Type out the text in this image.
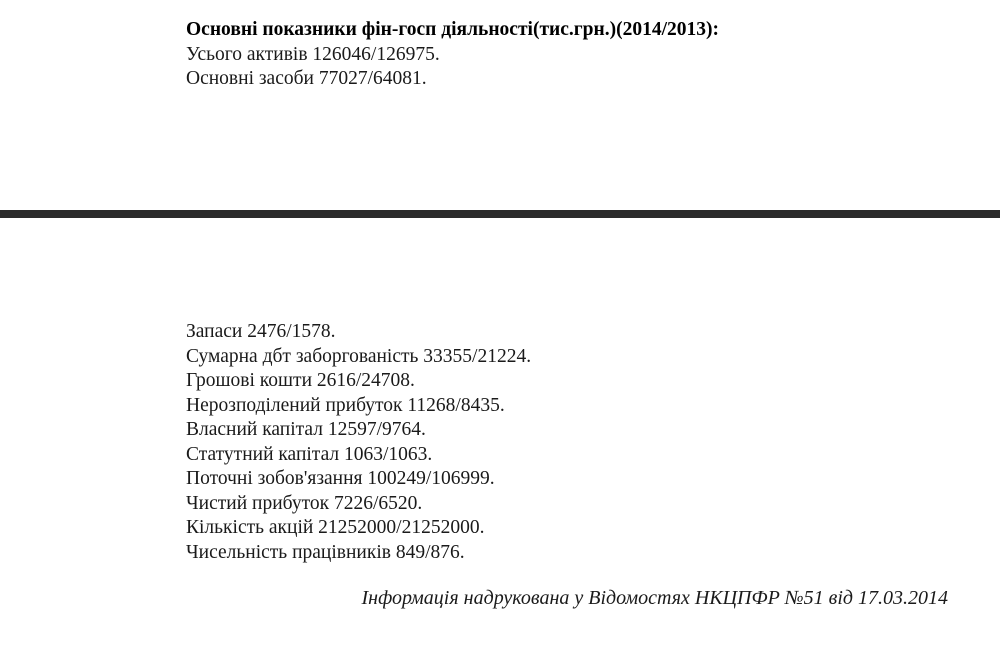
Основні показники фін-госп діяльності(тис.грн.)(2014/2013):
Усього активів 126046/126975.
Основні засоби 77027/64081.
Запаси 2476/1578.
Сумарна дбт заборгованість 33355/21224.
Грошові кошти 2616/24708.
Нерозподілений прибуток 11268/8435.
Власний капітал 12597/9764.
Статутний капітал 1063/1063.
Поточні зобов'язання 100249/106999.
Чистий прибуток 7226/6520.
Кількість акцій 21252000/21252000.
Чисельність працівників 849/876.
Інформація надрукована у Відомостях НКЦПФР №51 від 17.03.2014
